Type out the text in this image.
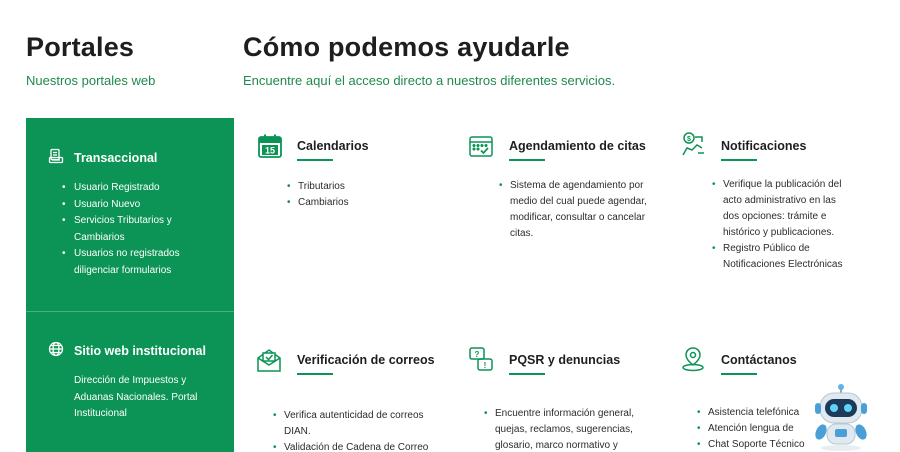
Portales
Nuestros portales web
Cómo podemos ayudarle
Encuentre aquí el acceso directo a nuestros diferentes servicios.
Transaccional
• Usuario Registrado
• Usuario Nuevo
• Servicios Tributarios y Cambiarios
• Usuarios no registrados diligenciar formularios
Sitio web institucional
Dirección de Impuestos y Aduanas Nacionales. Portal Institucional
15 Calendarios
• Tributarios
• Cambiarios
Agendamiento de citas
• Sistema de agendamiento por medio del cual puede agendar, modificar, consultar o cancelar citas.
$ Notificaciones
• Verifique la publicación del acto administrativo en las dos opciones: trámite e histórico y publicaciones.
• Registro Público de Notificaciones Electrónicas
Verificación de correos
• Verifica autenticidad de correos DIAN.
• Validación de Cadena de Correo
?
! PQSR y denuncias
• Encuentre información general, quejas, reclamos, sugerencias, glosario, marco normativo y
Contáctanos
• Asistencia telefónica
• Atención lengua de
• Chat Soporte Técnico
